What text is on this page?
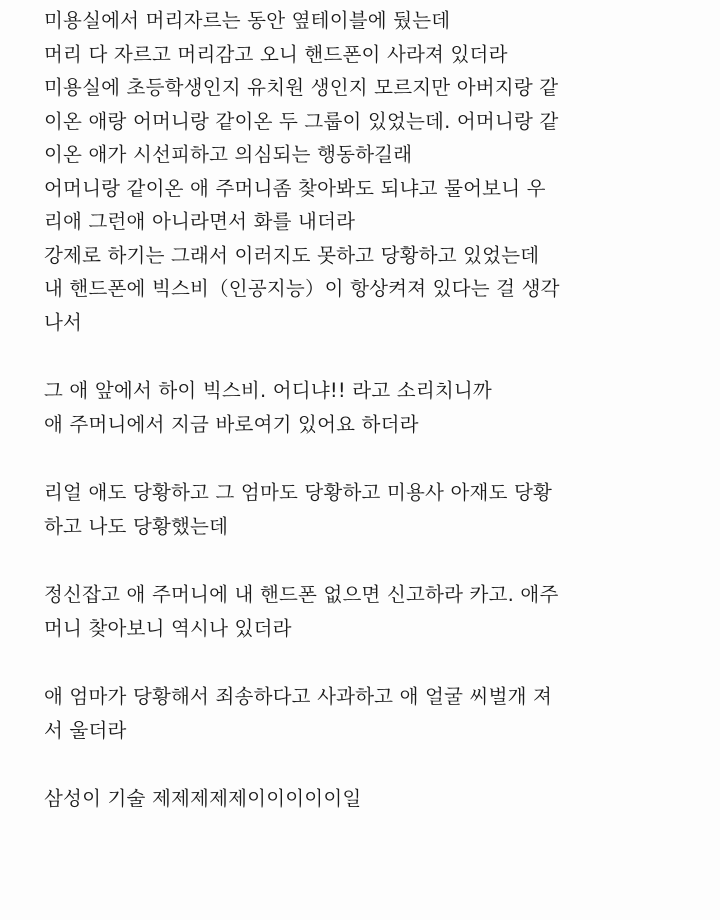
미용실에서 머리자르는 동안 옆테이블에 뒀는데
머리 다 자르고 머리감고 오니 핸드폰이 사라져 있더라
미용실에 초등학생인지 유치원 생인지 모르지만 아버지랑 같
이온 애랑 어머니랑 같이온 두 그룹이 있었는데. 어머니랑 같
이온 애가 시선피하고 의심되는 행동하길래
어머니랑 같이온 애 주머니좀 찾아봐도 되냐고 물어보니 우
리애 그런애 아니라면서 화를 내더라
강제로 하기는 그래서 이러지도 못하고 당황하고 있었는데
내 핸드폰에 빅스비（인공지능）이 항상켜져 있다는 걸 생각
나서
그 애 앞에서 하이 빅스비. 어디냐!! 라고 소리치니까
애 주머니에서 지금 바로여기 있어요 하더라
리얼 애도 당황하고 그 엄마도 당황하고 미용사 아재도 당황
하고 나도 당황했는데
정신잡고 애 주머니에 내 핸드폰 없으면 신고하라 카고. 애주
머니 찾아보니 역시나 있더라
애 엄마가 당황해서 죄송하다고 사과하고 애 얼굴 씨벌개 져
서 울더라
삼성이 기술 제제제제제이이이이이일
